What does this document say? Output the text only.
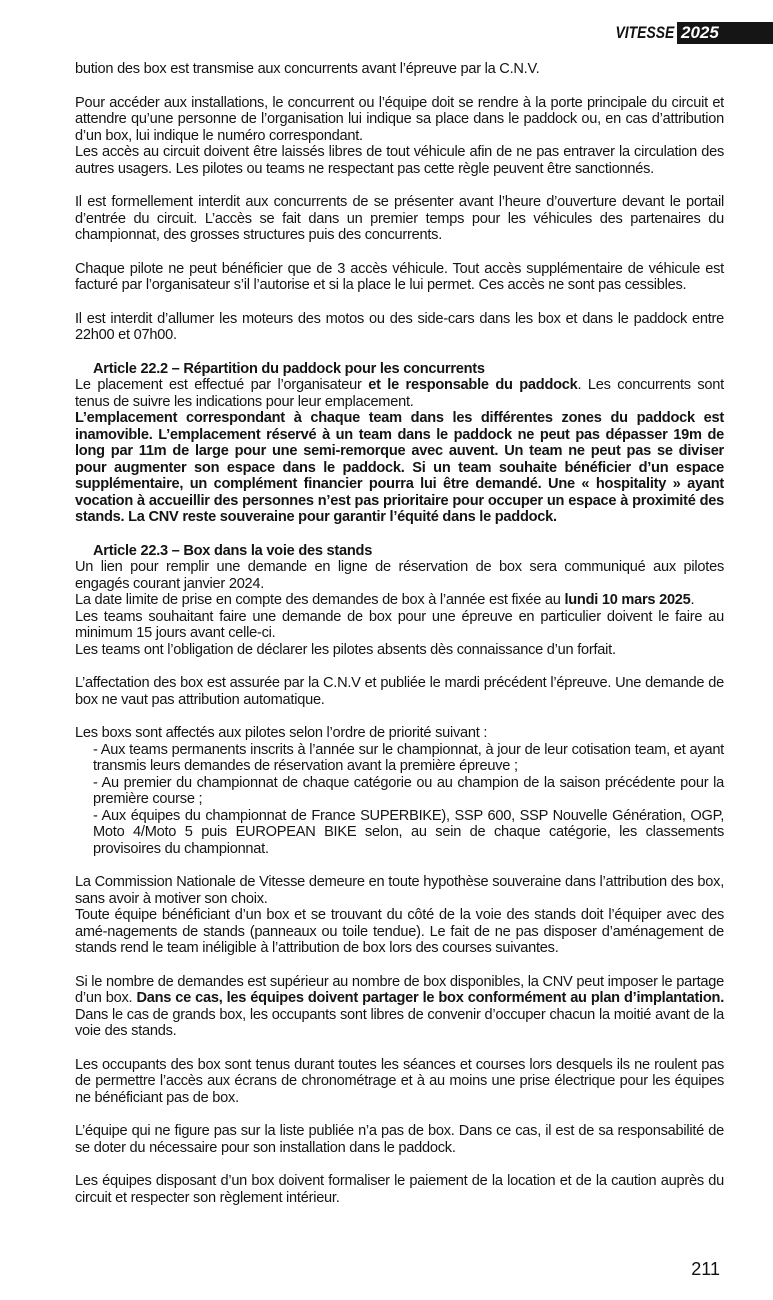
VITESSE 2025

bution des box est transmise aux concurrents avant l’épreuve par la C.N.V.

Pour accéder aux installations, le concurrent ou l’équipe doit se rendre à la porte principale du circuit et attendre qu’une personne de l’organisation lui indique sa place dans le paddock ou, en cas d’attribution d’un box, lui indique le numéro correspondant.

Les accès au circuit doivent être laissés libres de tout véhicule afin de ne pas entraver la circulation des autres usagers. Les pilotes ou teams ne respectant pas cette règle peuvent être sanctionnés.

Il est formellement interdit aux concurrents de se présenter avant l’heure d’ouverture devant le portail d’entrée du circuit. L’accès se fait dans un premier temps pour les véhicules des partenaires du championnat, des grosses structures puis des concurrents.

Chaque pilote ne peut bénéficier que de 3 accès véhicule. Tout accès supplémentaire de véhicule est facturé par l’organisateur s’il l’autorise et si la place le lui permet. Ces accès ne sont pas cessibles.

Il est interdit d’allumer les moteurs des motos ou des side-cars dans les box et dans le paddock entre 22h00 et 07h00.

Article 22.2 – Répartition du paddock pour les concurrents

Le placement est effectué par l’organisateur et le responsable du paddock. Les concurrents sont tenus de suivre les indications pour leur emplacement.

L’emplacement correspondant à chaque team dans les différentes zones du paddock est inamovible. L’emplacement réservé à un team dans le paddock ne peut pas dépasser 19m de long par 11m de large pour une semi-remorque avec auvent. Un team ne peut pas se diviser pour augmenter son espace dans le paddock. Si un team souhaite bénéficier d’un espace supplémentaire, un complément financier pourra lui être demandé. Une « hospitality » ayant vocation à accueillir des personnes n’est pas prioritaire pour occuper un espace à proximité des stands. La CNV reste souveraine pour garantir l’équité dans le paddock.

Article 22.3 – Box dans la voie des stands

Un lien pour remplir une demande en ligne de réservation de box sera communiqué aux pilotes engagés courant janvier 2024.

La date limite de prise en compte des demandes de box à l’année est fixée au lundi 10 mars 2025.

Les teams souhaitant faire une demande de box pour une épreuve en particulier doivent le faire au minimum 15 jours avant celle-ci.

Les teams ont l’obligation de déclarer les pilotes absents dès connaissance d’un forfait.

L’affectation des box est assurée par la C.N.V et publiée le mardi précédent l’épreuve. Une demande de box ne vaut pas attribution automatique.

Les boxs sont affectés aux pilotes selon l’ordre de priorité suivant :

- Aux teams permanents inscrits à l’année sur le championnat, à jour de leur cotisation team, et ayant transmis leurs demandes de réservation avant la première épreuve ;

- Au premier du championnat de chaque catégorie ou au champion de la saison précédente pour la première course ;

- Aux équipes du championnat de France SUPERBIKE), SSP 600, SSP Nouvelle Génération, OGP, Moto 4/Moto 5 puis EUROPEAN BIKE selon, au sein de chaque catégorie, les classements provisoires du championnat.

La Commission Nationale de Vitesse demeure en toute hypothèse souveraine dans l’attribution des box, sans avoir à motiver son choix.

Toute équipe bénéficiant d’un box et se trouvant du côté de la voie des stands doit l’équiper avec des amé-nagements de stands (panneaux ou toile tendue). Le fait de ne pas disposer d’aménagement de stands rend le team inéligible à l’attribution de box lors des courses suivantes.

Si le nombre de demandes est supérieur au nombre de box disponibles, la CNV peut imposer le partage d’un box. Dans ce cas, les équipes doivent partager le box conformément au plan d’implantation. Dans le cas de grands box, les occupants sont libres de convenir d’occuper chacun la moitié avant de la voie des stands.

Les occupants des box sont tenus durant toutes les séances et courses lors desquels ils ne roulent pas de permettre l’accès aux écrans de chronométrage et à au moins une prise électrique pour les équipes ne bénéficiant pas de box.

L’équipe qui ne figure pas sur la liste publiée n’a pas de box. Dans ce cas, il est de sa responsabilité de se doter du nécessaire pour son installation dans le paddock.

Les équipes disposant d’un box doivent formaliser le paiement de la location et de la caution auprès du circuit et respecter son règlement intérieur.

211
